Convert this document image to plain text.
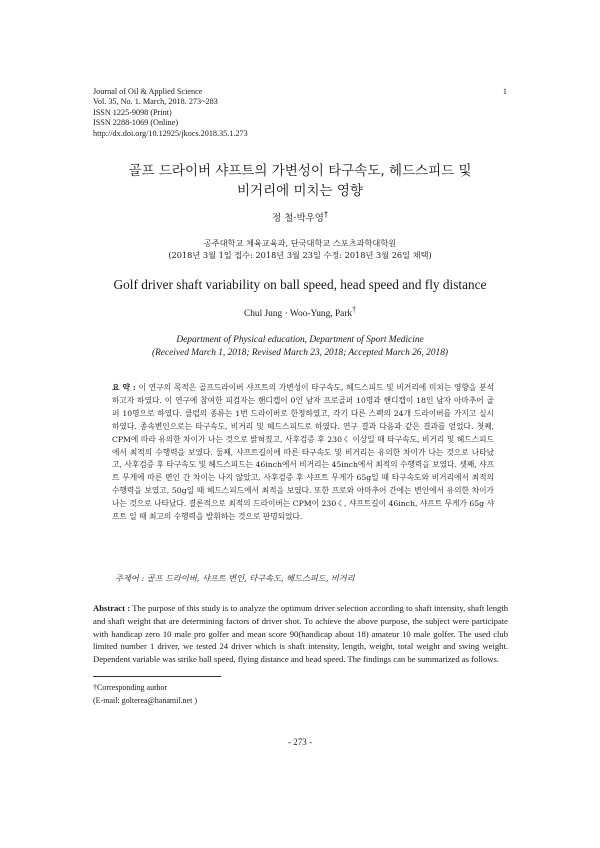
Journal of Oil & Applied Science
Vol. 35, No. 1. March, 2018. 273~283
ISSN 1225-9098 (Print)
ISSN 2288-1069 (Online)
http://dx.doi.org/10.12925/jkocs.2018.35.1.273
1
골프 드라이버 샤프트의 가변성이 타구속도, 헤드스피드 및
비거리에 미치는 영향
정 철·박우영†
공주대학교 체육교육과, 단국대학교 스포츠과학대학원
(2018년 3월 1일 접수: 2018년 3월 23일 수정: 2018년 3월 26일 채택)
Golf driver shaft variability on ball speed, head speed and fly distance
Chul Jung · Woo-Yung, Park†
Department of Physical education, Department of Sport Medicine
(Received March 1, 2018; Revised March 23, 2018; Accepted March 26, 2018)
요 약 : 이 연구의 목적은 골프드라이버 샤프트의 가변성이 타구속도, 헤드스피드 및 비거리에 미치는 영향을 분석하고자 하였다. 이 연구에 참여한 피검자는 핸디캡이 0인 남자 프로골퍼 10명과 핸디캡이 18인 남자 아마추어 골퍼 10명으로 하였다. 클럽의 종류는 1번 드라이버로 한정하였고, 각기 다른 스펙의 24개 드라이버를 가지고 실시하였다. 종속변인으로는 타구속도, 비거리 및 헤드스피드로 하였다. 연구 결과 다음과 같은 결과를 얻었다. 첫째, CPM에 따라 유의한 차이가 나는 것으로 밝혀졌고, 사후검증 후 230く 이상일 때 타구속도, 비거리 및 헤드스피드에서 최적의 수행력을 보였다. 둘째, 샤프트길이에 따른 타구속도 및 비거리는 유의한 차이가 나는 것으로 나타났고, 사후검증 후 타구속도 및 헤드스피드는 46inch에서 비거리는 45inch에서 최적의 수행력을 보였다. 셋째, 샤프트 무게에 따른 변인 간 차이는 나지 않았고, 사후검증 후 샤프트 무게가 65g일 때 타구속도와 비거리에서 최적의 수행력을 보였고, 50g일 때 헤드스피드에서 최적을 보였다. 또한 프로와 아마추어 간에는 변인에서 유의한 차이가 나는 것으로 나타났다. 결론적으로 최적의 드라이버는 CPM이 230く, 샤프트길이 46inch, 샤프트 무게가 65g 샤프트 일 때 최고의 수행력을 발휘하는 것으로 판명되었다.
주제어 : 골프 드라이버, 샤프트 변인, 타구속도, 헤드스피드, 비거리
Abstract : The purpose of this study is to analyze the optimum driver selection according to shaft intensity, shaft length and shaft weight that are determining factors of driver shot. To achieve the above purpose, the subject were participate with handicap zero 10 male pro golfer and mean score 90(handicap about 18) amateur 10 male golfer. The used club limited number 1 driver, we tested 24 driver which is shaft intensity, length, weight, total weight and swing weight. Dependent variable was strike ball speed, flying distance and head speed. The findings can be summarized as follows.
†Corresponding author
(E-mail: golterea@hanamil.net )
- 273 -
